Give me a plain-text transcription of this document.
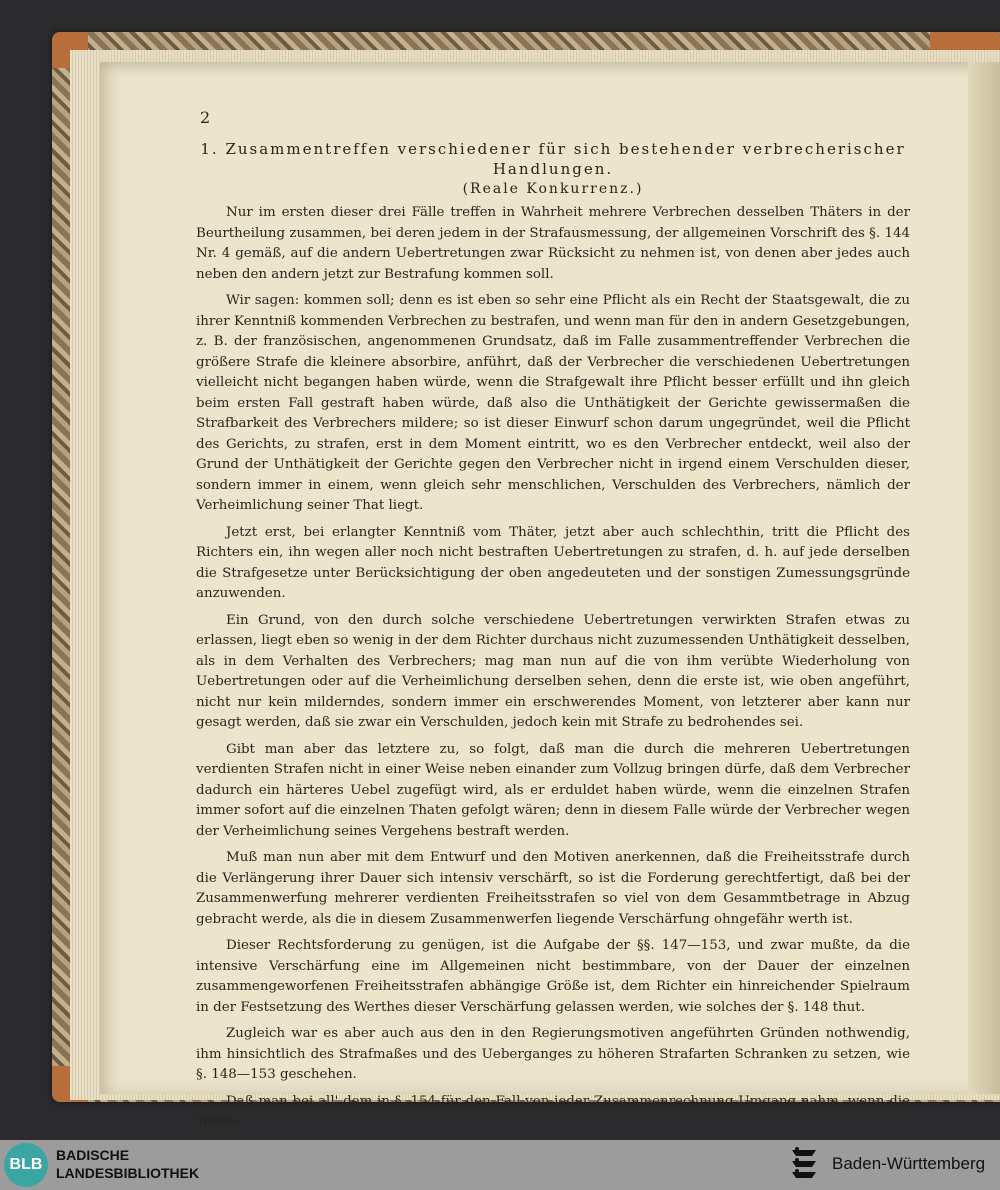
2

1. Zusammentreffen verschiedener für sich bestehender verbrecherischer Handlungen.

(Reale Konkurrenz.)

Nur im ersten dieser drei Fälle treffen in Wahrheit mehrere Verbrechen desselben Thäters in der Beurtheilung zusammen, bei deren jedem in der Strafausmessung, der allgemeinen Vorschrift des §. 144 Nr. 4 gemäß, auf die andern Uebertretungen zwar Rücksicht zu nehmen ist, von denen aber jedes auch neben den andern jetzt zur Bestrafung kommen soll.

Wir sagen: kommen soll; denn es ist eben so sehr eine Pflicht als ein Recht der Staatsgewalt, die zu ihrer Kenntniß kommenden Verbrechen zu bestrafen, und wenn man für den in andern Gesetzgebungen, z. B. der französischen, angenommenen Grundsatz, daß im Falle zusammentreffender Verbrechen die größere Strafe die kleinere absorbire, anführt, daß der Verbrecher die verschiedenen Uebertretungen vielleicht nicht begangen haben würde, wenn die Strafgewalt ihre Pflicht besser erfüllt und ihn gleich beim ersten Fall gestraft haben würde, daß also die Unthätigkeit der Gerichte gewissermaßen die Strafbarkeit des Verbrechers mildere; so ist dieser Einwurf schon darum ungegründet, weil die Pflicht des Gerichts, zu strafen, erst in dem Moment eintritt, wo es den Verbrecher entdeckt, weil also der Grund der Unthätigkeit der Gerichte gegen den Verbrecher nicht in irgend einem Verschulden dieser, sondern immer in einem, wenn gleich sehr menschlichen, Verschulden des Verbrechers, nämlich der Verheimlichung seiner That liegt.

Jetzt erst, bei erlangter Kenntniß vom Thäter, jetzt aber auch schlechthin, tritt die Pflicht des Richters ein, ihn wegen aller noch nicht bestraften Uebertretungen zu strafen, d. h. auf jede derselben die Strafgesetze unter Berücksichtigung der oben angedeuteten und der sonstigen Zumessungsgründe anzuwenden.

Ein Grund, von den durch solche verschiedene Uebertretungen verwirkten Strafen etwas zu erlassen, liegt eben so wenig in der dem Richter durchaus nicht zuzumessenden Unthätigkeit desselben, als in dem Verhalten des Verbrechers; mag man nun auf die von ihm verübte Wiederholung von Uebertretungen oder auf die Verheimlichung derselben sehen, denn die erste ist, wie oben angeführt, nicht nur kein milderndes, sondern immer ein erschwerendes Moment, von letzterer aber kann nur gesagt werden, daß sie zwar ein Verschulden, jedoch kein mit Strafe zu bedrohendes sei.

Gibt man aber das letztere zu, so folgt, daß man die durch die mehreren Uebertretungen verdienten Strafen nicht in einer Weise neben einander zum Vollzug bringen dürfe, daß dem Verbrecher dadurch ein härteres Uebel zugefügt wird, als er erduldet haben würde, wenn die einzelnen Strafen immer sofort auf die einzelnen Thaten gefolgt wären; denn in diesem Falle würde der Verbrecher wegen der Verheimlichung seines Vergehens bestraft werden.

Muß man nun aber mit dem Entwurf und den Motiven anerkennen, daß die Freiheitsstrafe durch die Verlängerung ihrer Dauer sich intensiv verschärft, so ist die Forderung gerechtfertigt, daß bei der Zusammenwerfung mehrerer verdienten Freiheitsstrafen so viel von dem Gesammtbetrage in Abzug gebracht werde, als die in diesem Zusammenwerfen liegende Verschärfung ohngefähr werth ist.

Dieser Rechtsforderung zu genügen, ist die Aufgabe der §§. 147—153, und zwar mußte, da die intensive Verschärfung eine im Allgemeinen nicht bestimmbare, von der Dauer der einzelnen zusammengeworfenen Freiheitsstrafen abhängige Größe ist, dem Richter ein hinreichender Spielraum in der Festsetzung des Werthes dieser Verschärfung gelassen werden, wie solches der §. 148 thut.

Zugleich war es aber auch aus den in den Regierungsmotiven angeführten Gründen nothwendig, ihm hinsichtlich des Strafmaßes und des Ueberganges zu höheren Strafarten Schranken zu setzen, wie §. 148—153 geschehen.

Daß man bei all' dem in §. 154 für den Fall von jeder Zusammenrechnung Umgang nahm, wenn die Todes-

BLB
BADISCHE
LANDESBIBLIOTHEK	Baden-Württemberg
